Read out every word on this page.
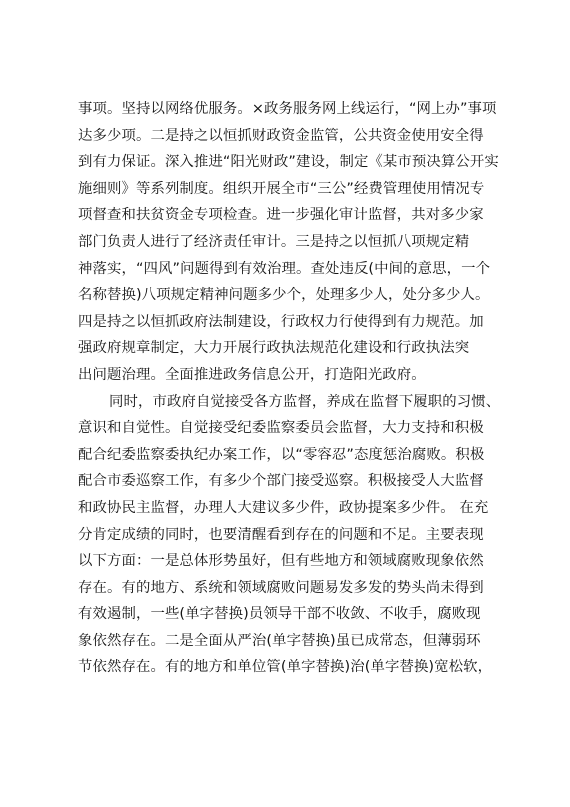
事项。坚持以网络优服务。×政务服务网上线运行，“网上办”事项
达多少项。二是持之以恒抓财政资金监管，公共资金使用安全得
到有力保证。深入推进“阳光财政”建设，制定《某市预决算公开实
施细则》等系列制度。组织开展全市“三公”经费管理使用情况专
项督查和扶贫资金专项检查。进一步强化审计监督，共对多少家
部门负责人进行了经济责任审计。三是持之以恒抓八项规定精
神落实，“四风”问题得到有效治理。查处违反(中间的意思，一个
名称替换)八项规定精神问题多少个，处理多少人，处分多少人。
四是持之以恒抓政府法制建设，行政权力行使得到有力规范。加
强政府规章制定，大力开展行政执法规范化建设和行政执法突
出问题治理。全面推进政务信息公开，打造阳光政府。
同时，市政府自觉接受各方监督，养成在监督下履职的习惯、
意识和自觉性。自觉接受纪委监察委员会监督，大力支持和积极
配合纪委监察委执纪办案工作，以“零容忍”态度惩治腐败。积极
配合市委巡察工作，有多少个部门接受巡察。积极接受人大监督
和政协民主监督，办理人大建议多少件，政协提案多少件。 在充
分肯定成绩的同时，也要清醒看到存在的问题和不足。主要表现
以下方面：一是总体形势虽好，但有些地方和领域腐败现象依然
存在。有的地方、系统和领域腐败问题易发多发的势头尚未得到
有效遏制，一些(单字替换)员领导干部不收敛、不收手，腐败现
象依然存在。二是全面从严治(单字替换)虽已成常态，但薄弱环
节依然存在。有的地方和单位管(单字替换)治(单字替换)宽松软，
